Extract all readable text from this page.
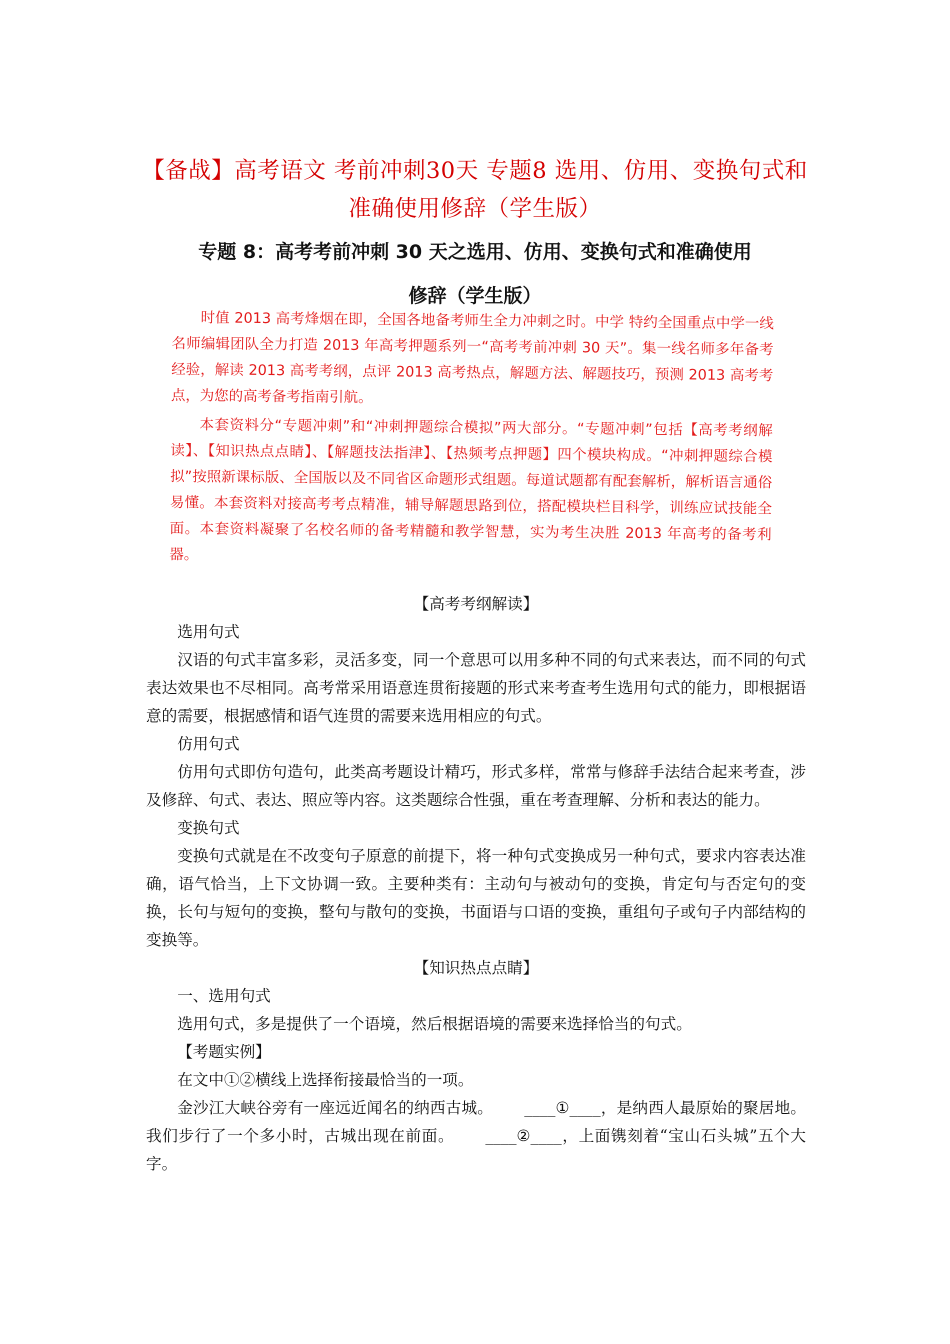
【备战】高考语文 考前冲刺30天 专题8 选用、仿用、变换句式和准确使用修辞（学生版）
专题 8：高考考前冲刺 30 天之选用、仿用、变换句式和准确使用
修辞（学生版）

时值 2013 高考烽烟在即，全国各地备考师生全力冲刺之时。中学 特约全国重点中学一线名师编辑团队全力打造 2013 年高考押题系列一“高考考前冲刺 30 天”。集一线名师多年备考经验，解读 2013 高考考纲，点评 2013 高考热点，解题方法、解题技巧，预测 2013 高考考点，为您的高考备考指南引航。

本套资料分“专题冲刺”和“冲刺押题综合模拟”两大部分。“专题冲刺”包括【高考考纲解读】、【知识热点点睛】、【解题技法指津】、【热频考点押题】四个模块构成。“冲刺押题综合模拟”按照新课标版、全国版以及不同省区命题形式组题。每道试题都有配套解析，解析语言通俗易懂。本套资料对接高考考点精准，辅导解题思路到位，搭配模块栏目科学，训练应试技能全面。本套资料凝聚了名校名师的备考精髓和教学智慧，实为考生决胜 2013 年高考的备考利器。

【高考考纲解读】

选用句式

汉语的句式丰富多彩，灵活多变，同一个意思可以用多种不同的句式来表达，而不同的句式表达效果也不尽相同。高考常采用语意连贯衔接题的形式来考查考生选用句式的能力，即根据语意的需要，根据感情和语气连贯的需要来选用相应的句式。

仿用句式

仿用句式即仿句造句，此类高考题设计精巧，形式多样，常常与修辞手法结合起来考查，涉及修辞、句式、表达、照应等内容。这类题综合性强，重在考查理解、分析和表达的能力。

变换句式

变换句式就是在不改变句子原意的前提下，将一种句式变换成另一种句式，要求内容表达准确，语气恰当，上下文协调一致。主要种类有：主动句与被动句的变换，肯定句与否定句的变换，长句与短句的变换，整句与散句的变换，书面语与口语的变换，重组句子或句子内部结构的变换等。

【知识热点点睛】

一、选用句式

选用句式，多是提供了一个语境，然后根据语境的需要来选择恰当的句式。

【考题实例】

在文中①②横线上选择衔接最恰当的一项。

金沙江大峡谷旁有一座远近闻名的纳西古城。 ____①____，是纳西人最原始的聚居地。我们步行了一个多小时，古城出现在前面。 ____②____，上面镌刻着“宝山石头城”五个大字。
